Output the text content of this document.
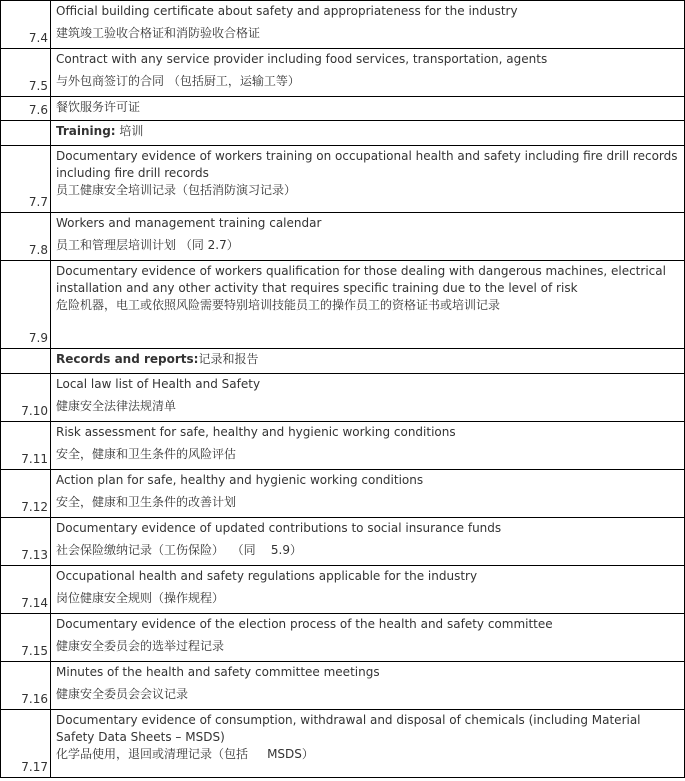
7.4	Official building certificate about safety and appropriateness for the industry
建筑竣工验收合格证和消防验收合格证

7.5	Contract with any service provider including food services, transportation, agents
与外包商签订的合同 （包括厨工，运输工等）

7.6	餐饮服务许可证

	Training: 培训
7.7	Documentary evidence of workers training on occupational health and safety including fire drill records including fire drill records
员工健康安全培训记录（包括消防演习记录）

7.8	Workers and management training calendar
员工和管理层培训计划 （同 2.7）

7.9	Documentary evidence of workers qualification for those dealing with dangerous machines, electrical installation and any other activity that requires specific training due to the level of risk
危险机器，电工或依照风险需要特别培训技能员工的操作员工的资格证书或培训记录

	Records and reports:记录和报告
7.10	Local law list of Health and Safety
健康安全法律法规清单

7.11	Risk assessment for safe, healthy and hygienic working conditions
安全，健康和卫生条件的风险评估

7.12	Action plan for safe, healthy and hygienic working conditions
安全，健康和卫生条件的改善计划

7.13	Documentary evidence of updated contributions to social insurance funds
社会保险缴纳记录（工伤保险）  （同    5.9）

7.14	Occupational health and safety regulations applicable for the industry
岗位健康安全规则（操作规程）

7.15	Documentary evidence of the election process of the health and safety committee
健康安全委员会的选举过程记录

7.16	Minutes of the health and safety committee meetings
健康安全委员会会议记录

7.17	Documentary evidence of consumption, withdrawal and disposal of chemicals (including Material Safety Data Sheets – MSDS)
化学品使用，退回或清理记录（包括     MSDS）
